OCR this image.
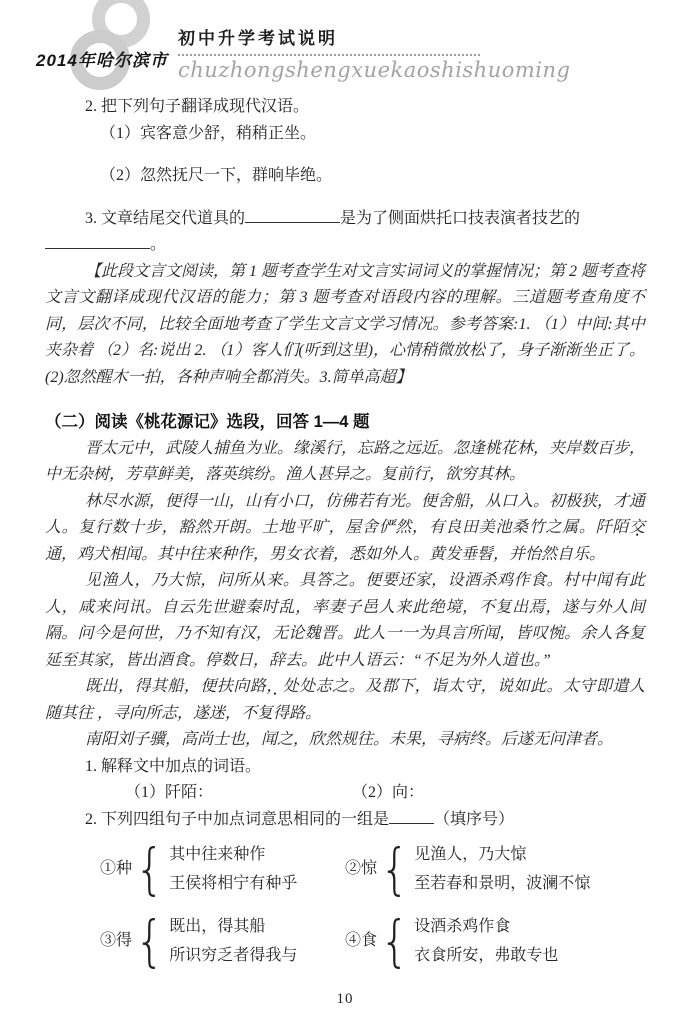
2014年哈尔滨市
初中升学考试说明
chuzhongshengxuekaoshishuoming
2. 把下列句子翻译成现代汉语。
（1）宾客意少舒，稍稍正坐。
（2）忽然抚尺一下，群响毕绝。
3. 文章结尾交代道具的	是为了侧面烘托口技表演者技艺的。
【此段文言文阅读，第 1 题考查学生对文言实词词义的掌握情况；第 2 题考查将文言文翻译成现代汉语的能力；第 3 题考查对语段内容的理解。三道题考查角度不同，层次不同，比较全面地考查了学生文言文学习情况。参考答案:1. （1）中间:其中夹杂着 （2）名:说出 2. （1）客人们(听到这里)，心情稍微放松了，身子渐渐坐正了。(2)忽然醒木一拍，各种声响全都消失。3.简单高超】
（二）阅读《桃花源记》选段，回答 1—4 题

晋太元中，武陵人捕鱼为业。缘溪行，忘路之远近。忽逢桃花林，夹岸数百步，中无杂树，芳草鲜美，落英缤纷。渔人甚异之。复前行，欲穷其林。

林尽水源，便得一山，山有小口，仿佛若有光。便舍船，从口入。初极狭，才通人。复行数十步，豁然开朗。土地平旷，屋舍俨然，有良田美池桑竹之属。阡陌交通，鸡犬相闻。其中往来种作，男女衣着，悉如外人。黄发垂髫，并怡然自乐。

见渔人，乃大惊，问所从来。具答之。便要还家，设酒杀鸡作食。村中闻有此人，咸来问讯。自云先世避秦时乱，率妻子邑人来此绝境，不复出焉，遂与外人间隔。问今是何世，乃不知有汉，无论魏晋。此人一一为具言所闻，皆叹惋。余人各复延至其家，皆出酒食。停数日，辞去。此中人语云：“不足为外人道也。”

既出，得其船，便扶向路，处处志之。及郡下，诣太守，说如此。太守即遣人随其往 ，寻向所志，遂迷，不复得路。

南阳刘子骥，高尚士也，闻之，欣然规往。未果，寻病终。后遂无问津者。

1. 解释文中加点的词语。
（1）阡陌：	（2）向：
2. 下列四组句子中加点词意思相同的一组是	（填序号）
①种 { 其中往来种 •作
王侯将相宁有种 •乎
②惊 { 见渔人，乃大惊 •
至若春和景明，波澜不惊 •
③得 { 既出，得 •其船
所识穷乏者得 •我与
④食 { 设酒杀鸡作食 •
衣食 •所安，弗敢专也
10
